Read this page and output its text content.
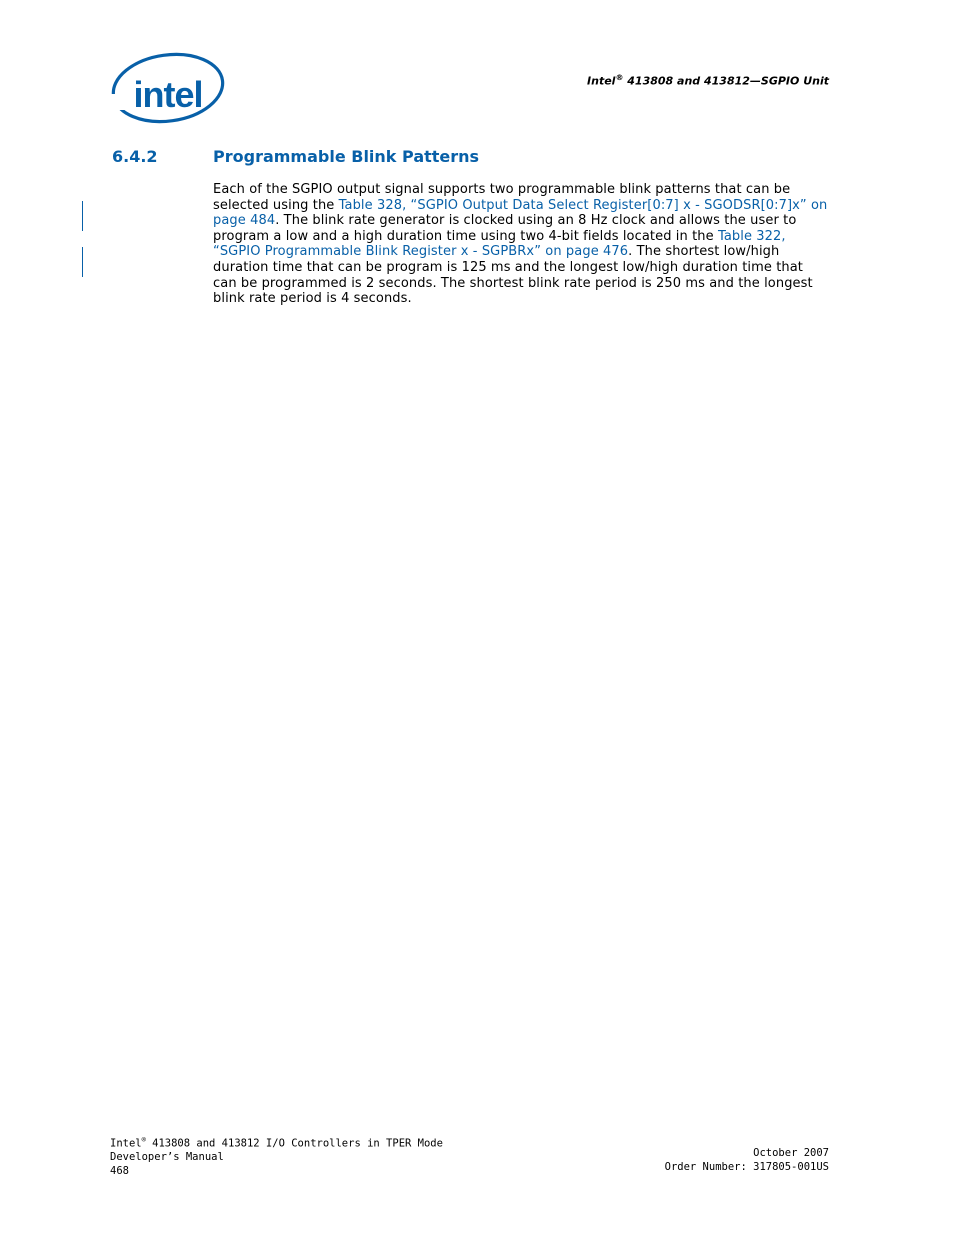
intel	Intel® 413808 and 413812—SGPIO Unit
6.4.2	Programmable Blink Patterns
Each of the SGPIO output signal supports two programmable blink patterns that can be selected using the Table 328, “SGPIO Output Data Select Register[0:7] x - SGODSR[0:7]x” on page 484. The blink rate generator is clocked using an 8 Hz clock and allows the user to program a low and a high duration time using two 4-bit fields located in the Table 322, “SGPIO Programmable Blink Register x - SGPBRx” on page 476. The shortest low/high duration time that can be program is 125 ms and the longest low/high duration time that can be programmed is 2 seconds. The shortest blink rate period is 250 ms and the longest blink rate period is 4 seconds.
Intel® 413808 and 413812 I/O Controllers in TPER Mode
Developer’s Manual
468
October 2007
Order Number: 317805-001US
